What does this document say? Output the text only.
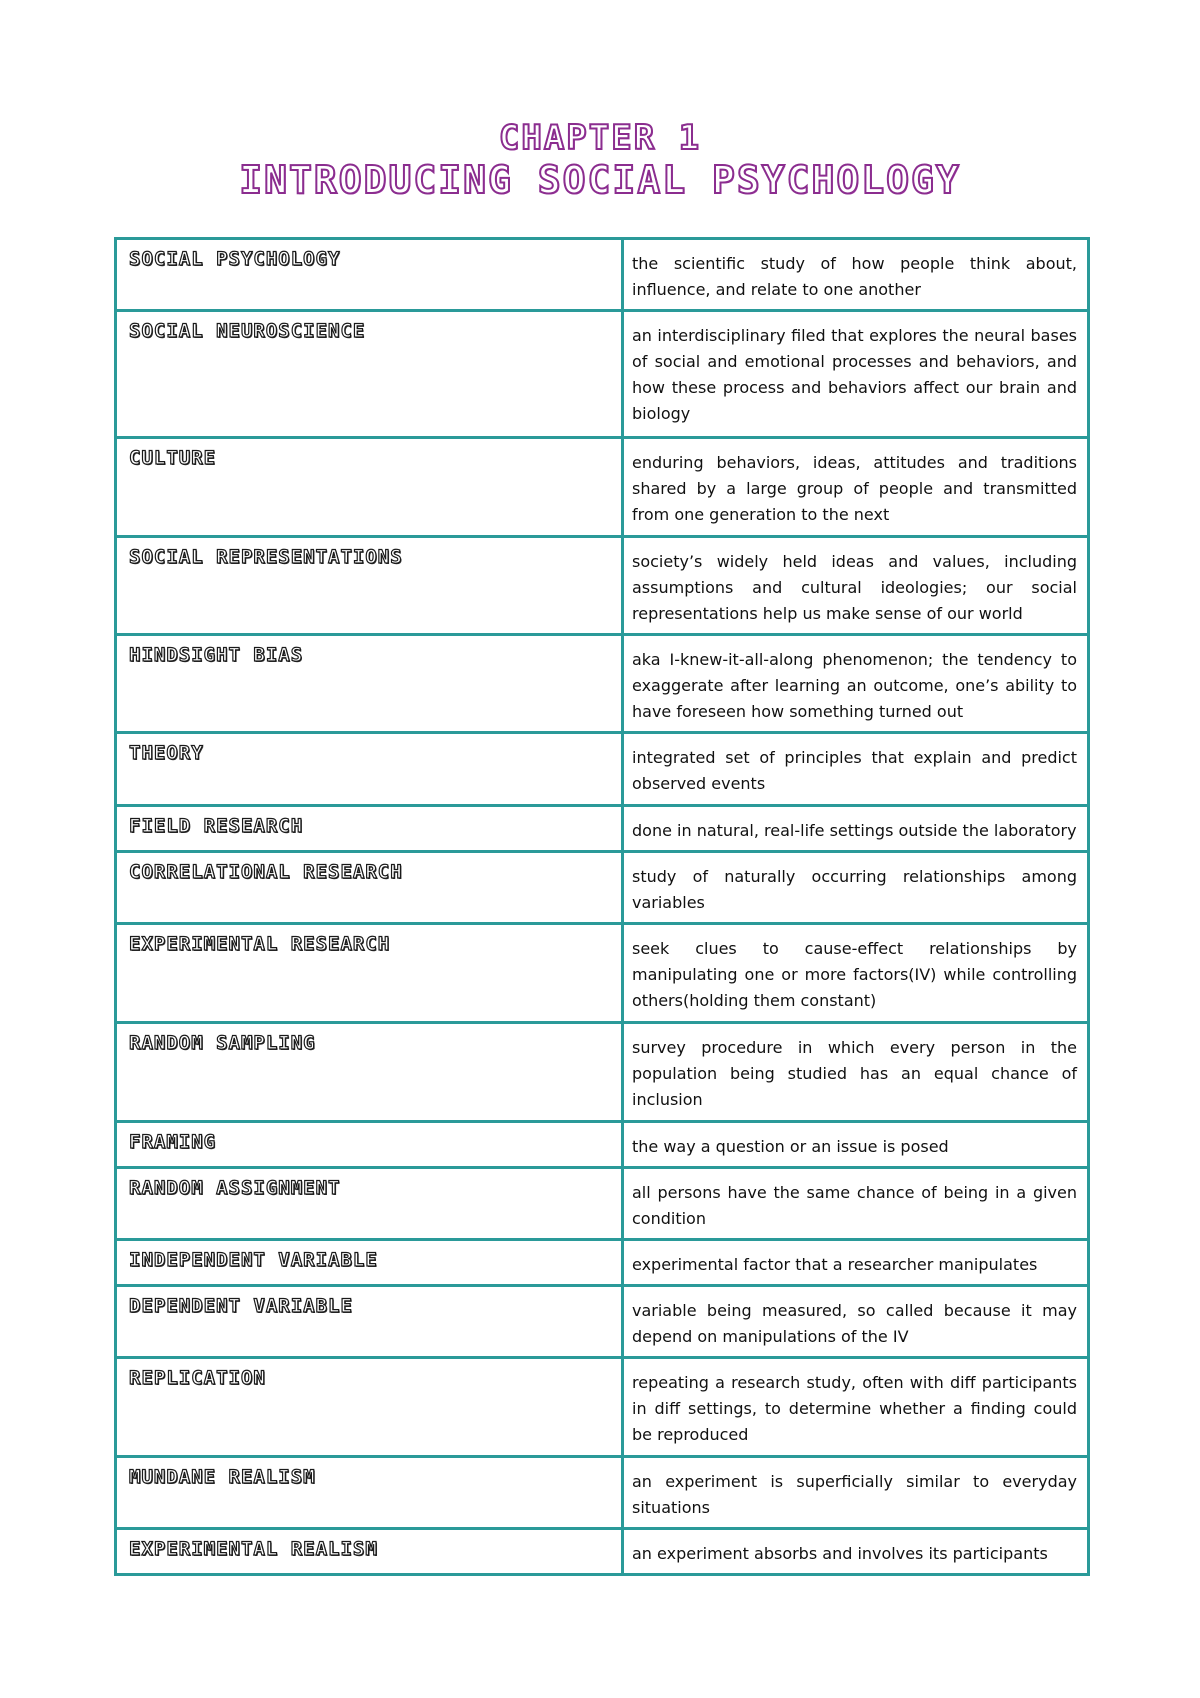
CHAPTER 1
INTRODUCING SOCIAL PSYCHOLOGY
SOCIAL PSYCHOLOGY	the scientific study of how people think about, influence, and relate to one another
SOCIAL NEUROSCIENCE	an interdisciplinary filed that explores the neural bases of social and emotional processes and behaviors, and how these process and behaviors affect our brain and biology
CULTURE	enduring behaviors, ideas, attitudes and traditions shared by a large group of people and transmitted from one generation to the next
SOCIAL REPRESENTATIONS	society’s widely held ideas and values, including assumptions and cultural ideologies; our social representations help us make sense of our world
HINDSIGHT BIAS	aka I-knew-it-all-along phenomenon; the tendency to exaggerate after learning an outcome, one’s ability to have foreseen how something turned out
THEORY	integrated set of principles that explain and predict observed events
FIELD RESEARCH	done in natural, real-life settings outside the laboratory
CORRELATIONAL RESEARCH	study of naturally occurring relationships among variables
EXPERIMENTAL RESEARCH	seek clues to cause-effect relationships by manipulating one or more factors(IV) while controlling others(holding them constant)
RANDOM SAMPLING	survey procedure in which every person in the population being studied has an equal chance of inclusion
FRAMING	the way a question or an issue is posed
RANDOM ASSIGNMENT	all persons have the same chance of being in a given condition
INDEPENDENT VARIABLE	experimental factor that a researcher manipulates
DEPENDENT VARIABLE	variable being measured, so called because it may depend on manipulations of the IV
REPLICATION	repeating a research study, often with diff participants in diff settings, to determine whether a finding could be reproduced
MUNDANE REALISM	an experiment is superficially similar to everyday situations
EXPERIMENTAL REALISM	an experiment absorbs and involves its participants
